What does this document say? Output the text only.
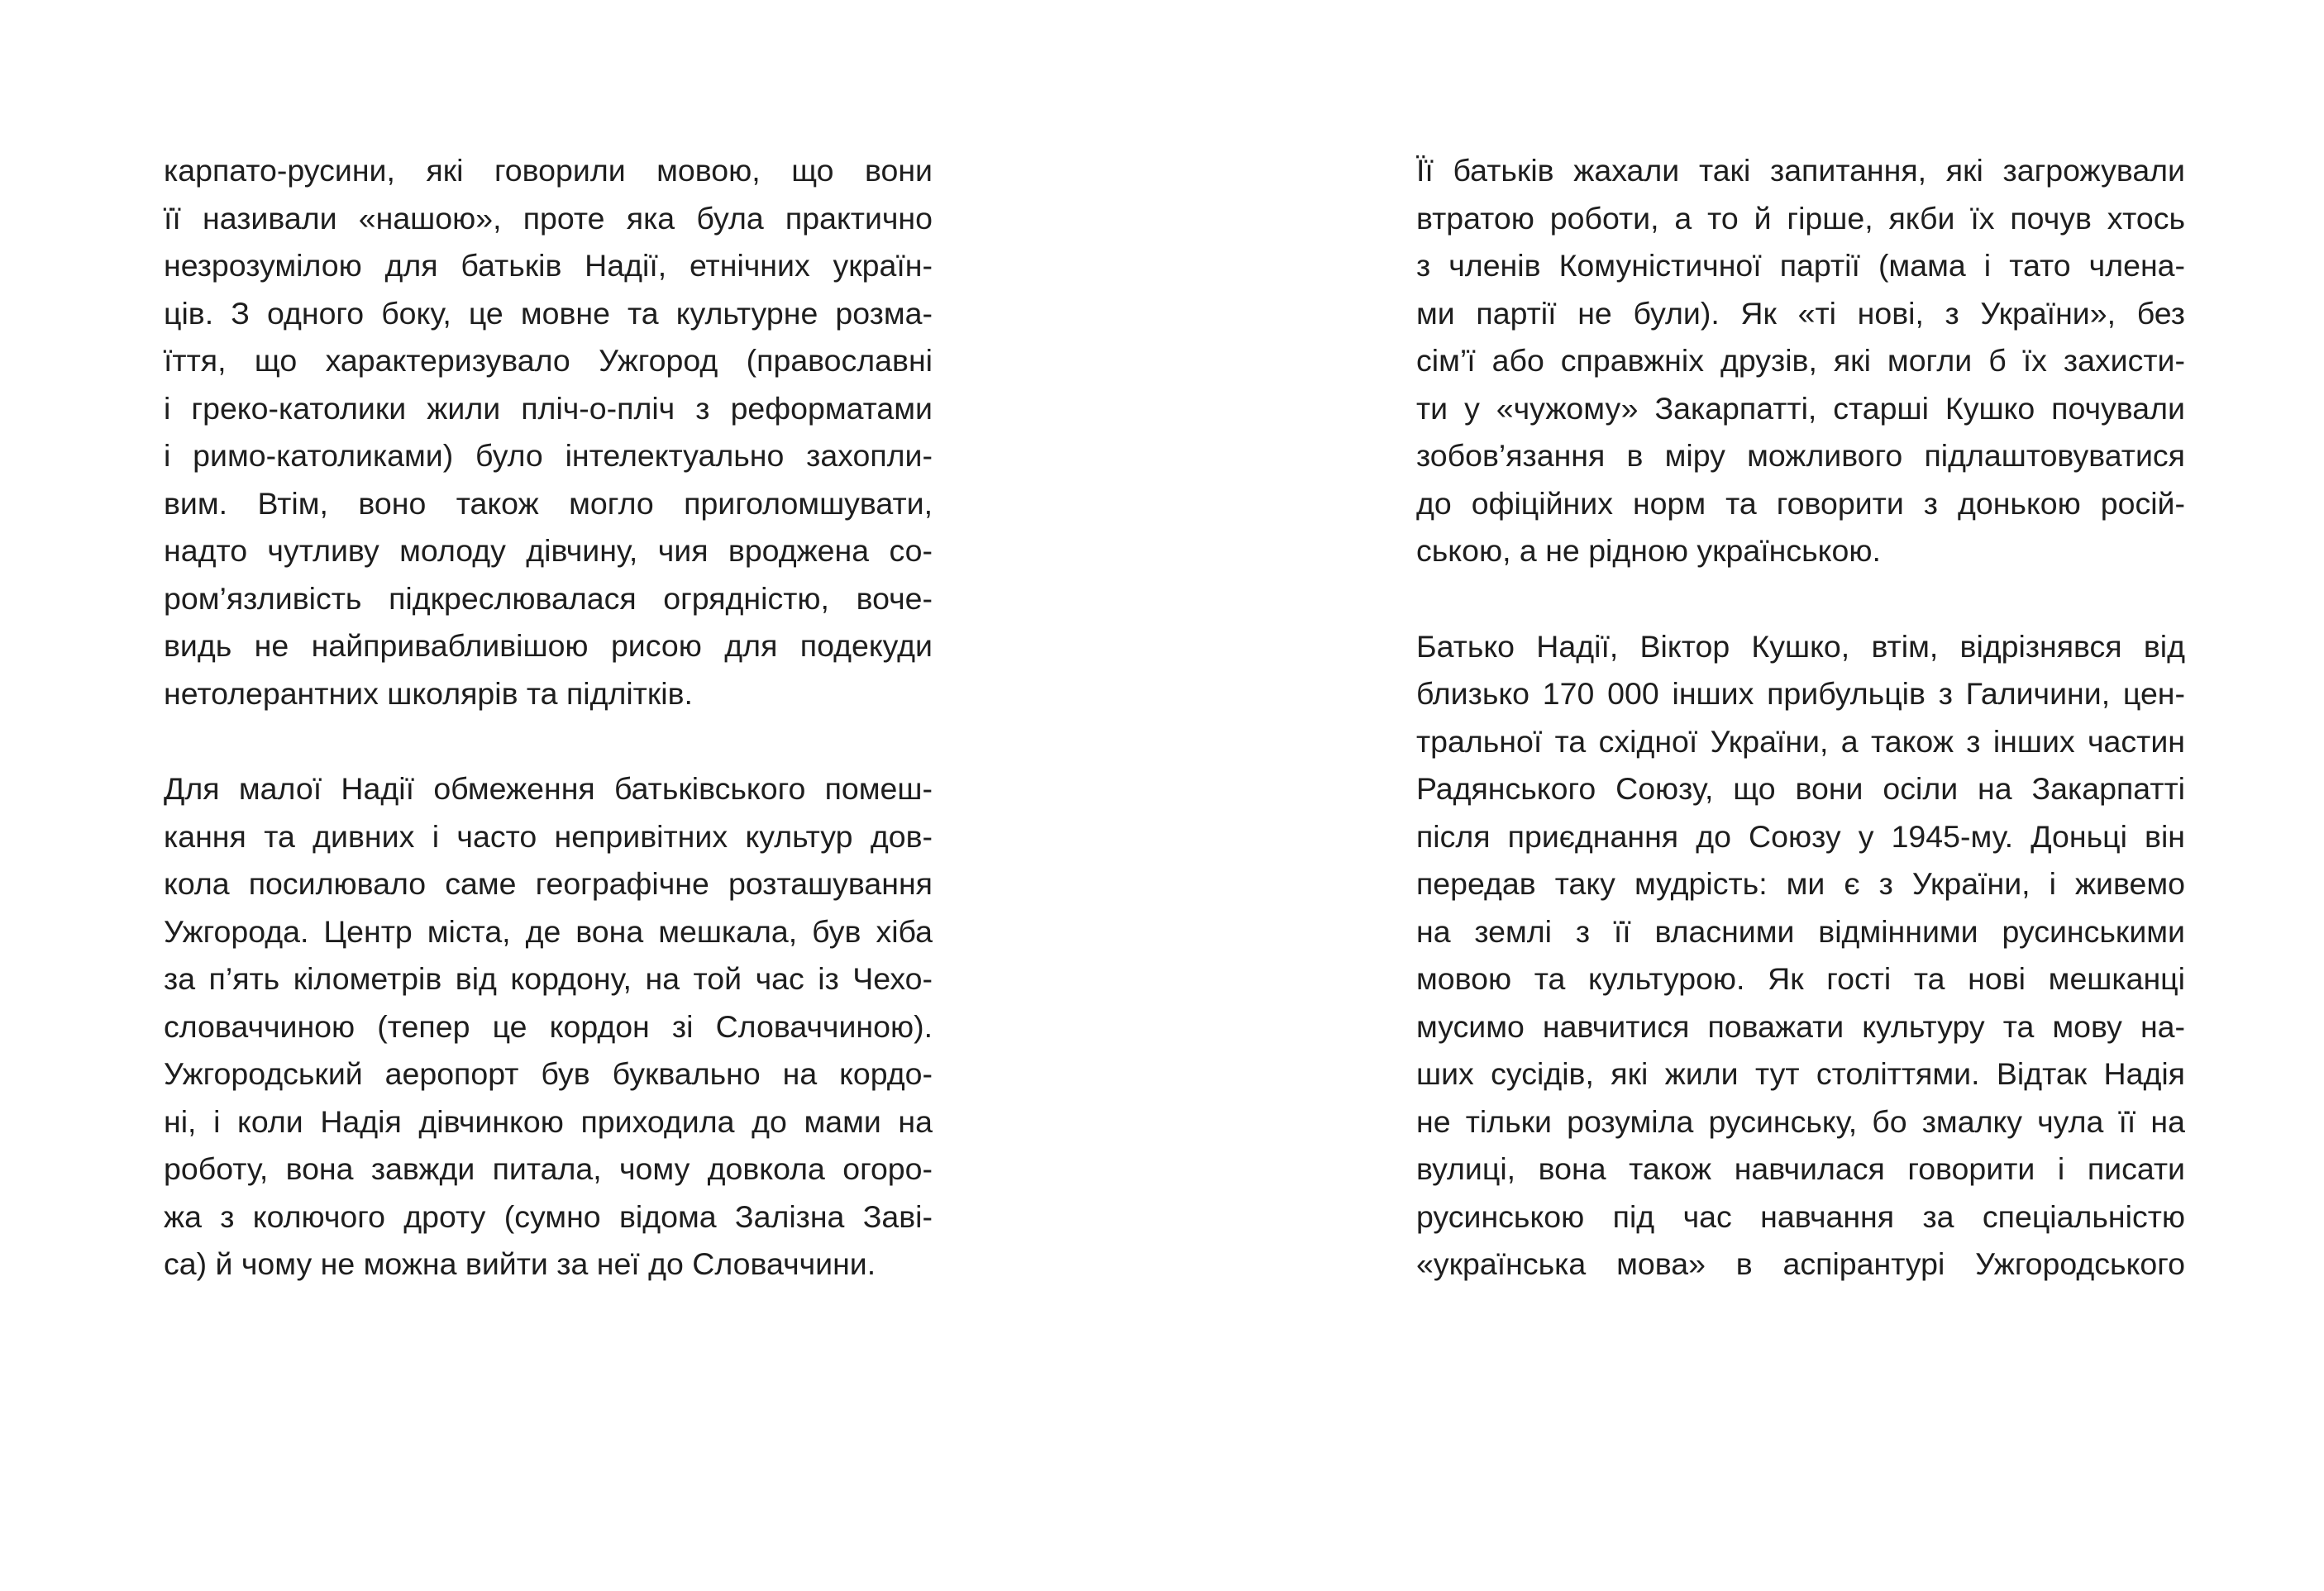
карпато-русини, які говорили мовою, що вони
її називали «нашою», проте яка була практично
незрозумілою для батьків Надії, етнічних україн-
ців. З одного боку, це мовне та культурне розма-
їття, що характеризувало Ужгород (православні
і греко-католики жили пліч-о-пліч з реформатами
і римо-католиками) було інтелектуально захопли-
вим. Втім, воно також могло приголомшувати,
надто чутливу молоду дівчину, чия вроджена со-
ром’язливість підкреслювалася огрядністю, воче-
видь не найпривабливішою рисою для подекуди
нетолерантних школярів та підлітків.
Для малої Надії обмеження батьківського помеш-
кання та дивних і часто непривітних культур дов-
кола посилювало саме географічне розташування
Ужгорода. Центр міста, де вона мешкала, був хіба
за п’ять кілометрів від кордону, на той час із Чехо-
словаччиною (тепер це кордон зі Словаччиною).
Ужгородський аеропорт був буквально на кордо-
ні, і коли Надія дівчинкою приходила до мами на
роботу, вона завжди питала, чому довкола огоро-
жа з колючого дроту (сумно відома Залізна Зaві-
са) й чому не можна вийти за неї до Словаччини.
Її батьків жахали такі запитання, які загрожували
втратою роботи, а то й гірше, якби їх почув хтось
з членів Комуністичної партії (мама і тато члена-
ми партії не були). Як «ті нові, з України», без
сім’ї або справжніх друзів, які могли б їх захисти-
ти у «чужому» Закарпатті, старші Кушко почували
зобов’язання в міру можливого підлаштовуватися
до офіційних норм та говорити з донькою росій-
ською, а не рідною українською.
Батько Надії, Віктор Кушко, втім, відрізнявся від
близько 170 000 інших прибульців з Галичини, цен-
тральної та східної України, а також з інших частин
Радянського Союзу, що вони осіли на Закарпатті
після приєднання до Союзу у 1945-му. Доньці він
передав таку мудрість: ми є з України, і живемо
на землі з її власними відмінними русинськими
мовою та культурою. Як гості та нові мешканці
мусимо навчитися поважати культуру та мову на-
ших сусідів, які жили тут століттями. Відтак Надія
не тільки розуміла русинську, бо змалку чула її на
вулиці, вона також навчилася говорити і писати
русинською під час навчання за спеціальністю
«українська мова» в аспірантурі Ужгородського
